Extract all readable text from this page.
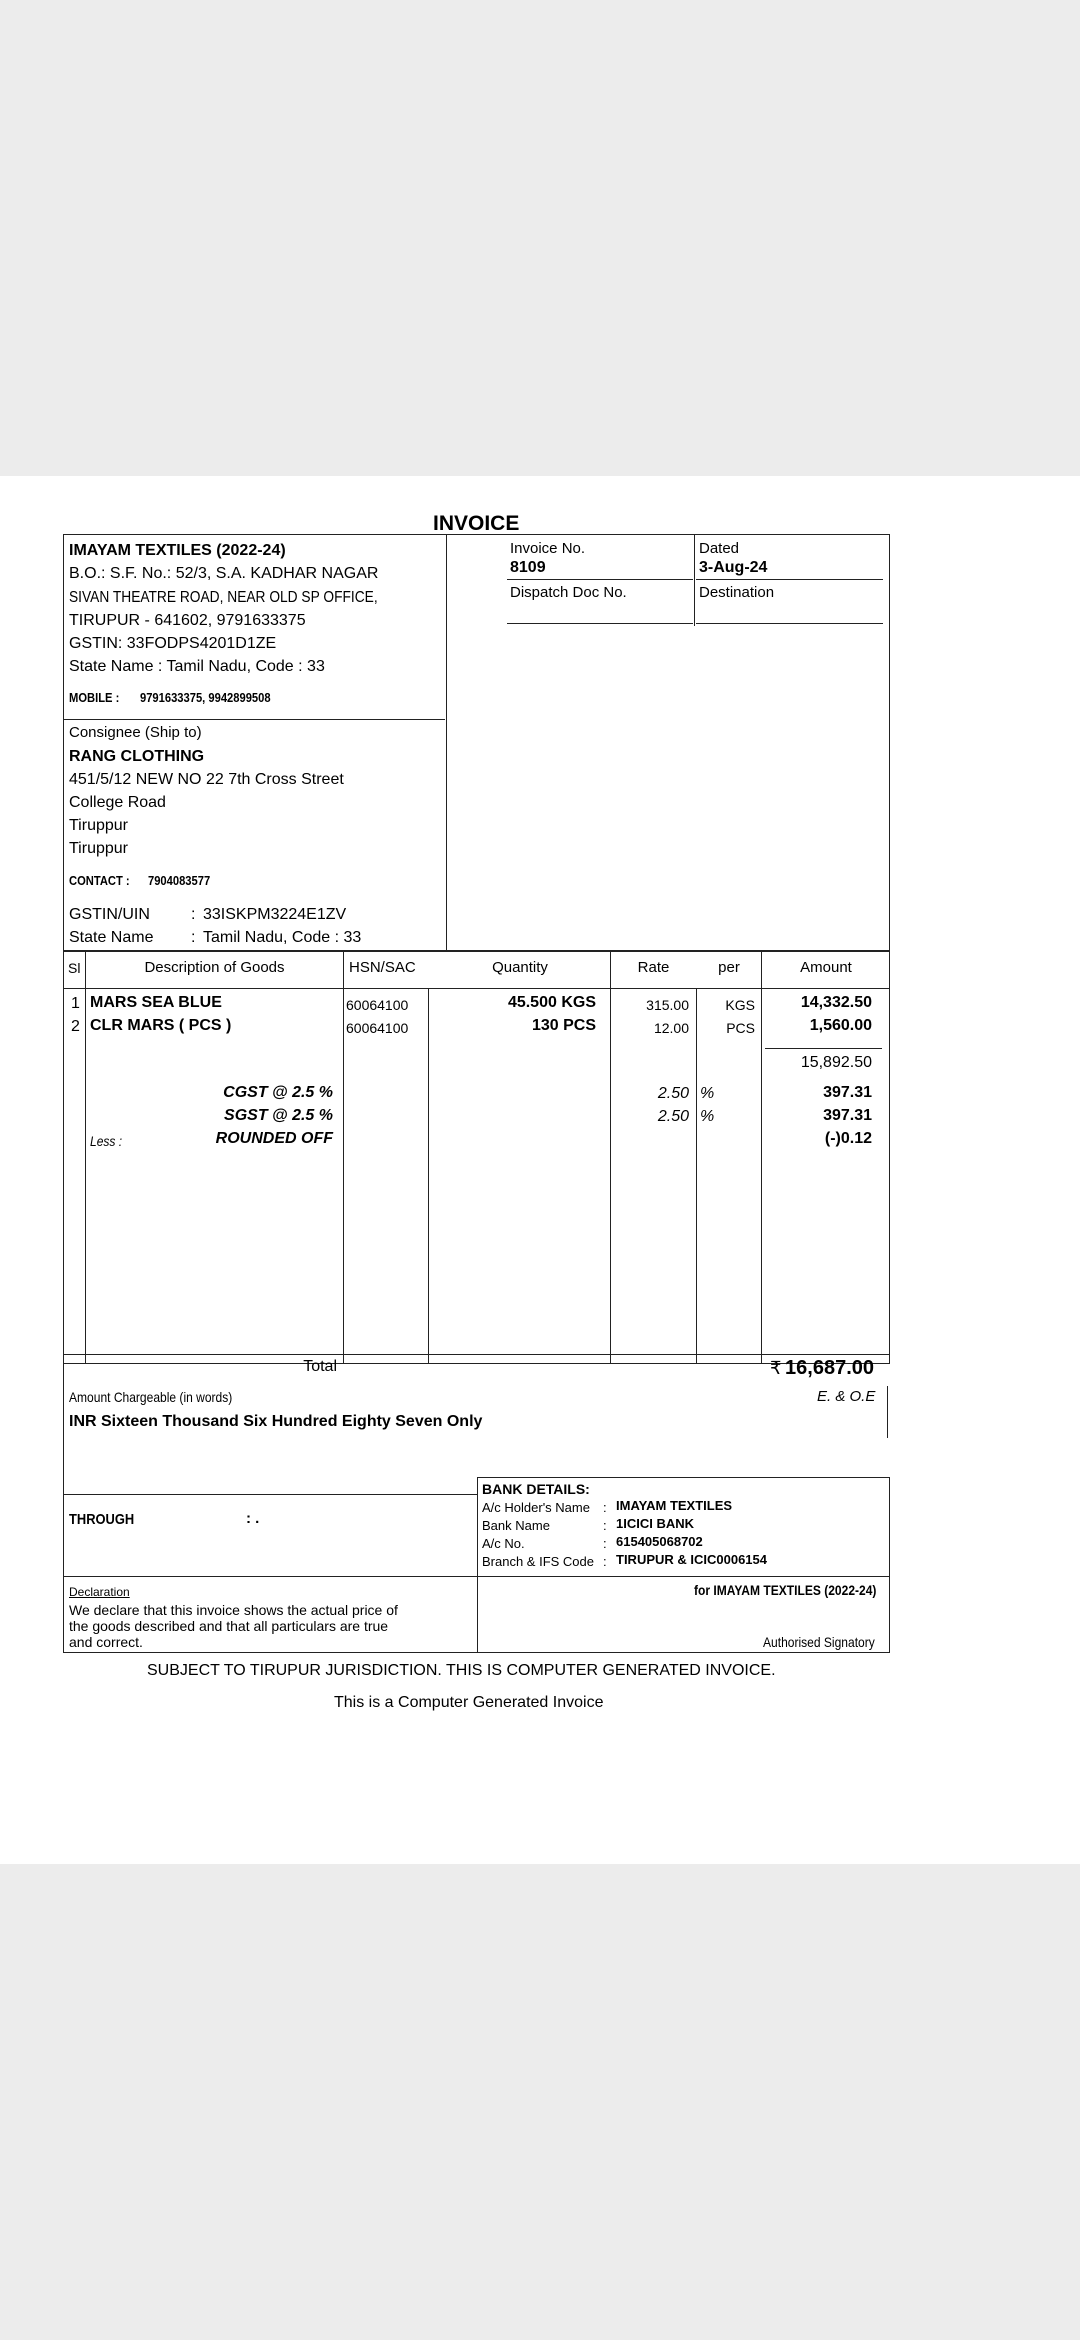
INVOICE
IMAYAM TEXTILES (2022-24)
B.O.: S.F. No.: 52/3, S.A. KADHAR NAGAR
SIVAN THEATRE ROAD, NEAR OLD SP OFFICE,
TIRUPUR - 641602, 9791633375
GSTIN: 33FODPS4201D1ZE
State Name : Tamil Nadu, Code : 33
MOBILE : 9791633375, 9942899508
Consignee (Ship to)
RANG CLOTHING
451/5/12 NEW NO 22 7th Cross Street
College Road
Tiruppur
Tiruppur
CONTACT : 7904083577
GSTIN/UIN	: 33ISKPM3224E1ZV
State Name : Tamil Nadu, Code : 33
Invoice No.
8109
Dated
3-Aug-24
Dispatch Doc No.	Destination
Sl	Description of Goods	HSN/SAC	Quantity	Rate	per	Amount
1 MARS SEA BLUE	60064100	45.500 KGS	315.00	KGS	14,332.50
2 CLR MARS ( PCS )	60064100	130 PCS	12.00	PCS	1,560.00
15,892.50
CGST @ 2.5 %	2.50 %	397.31
SGST @ 2.5 %	2.50 %	397.31
Less :	ROUNDED OFF	(-)0.12
Total	₹ 16,687.00
Amount Chargeable (in words)	E. & O.E
INR Sixteen Thousand Six Hundred Eighty Seven Only
THROUGH	: .
BANK DETAILS:
A/c Holder's Name : IMAYAM TEXTILES
Bank Name	: 1ICICI BANK
A/c No.	: 615405068702
Branch & IFS Code : TIRUPUR & ICIC0006154
Declaration
We declare that this invoice shows the actual price of
the goods described and that all particulars are true
and correct.
for IMAYAM TEXTILES (2022-24)
Authorised Signatory
SUBJECT TO TIRUPUR JURISDICTION. THIS IS COMPUTER GENERATED INVOICE.
This is a Computer Generated Invoice
